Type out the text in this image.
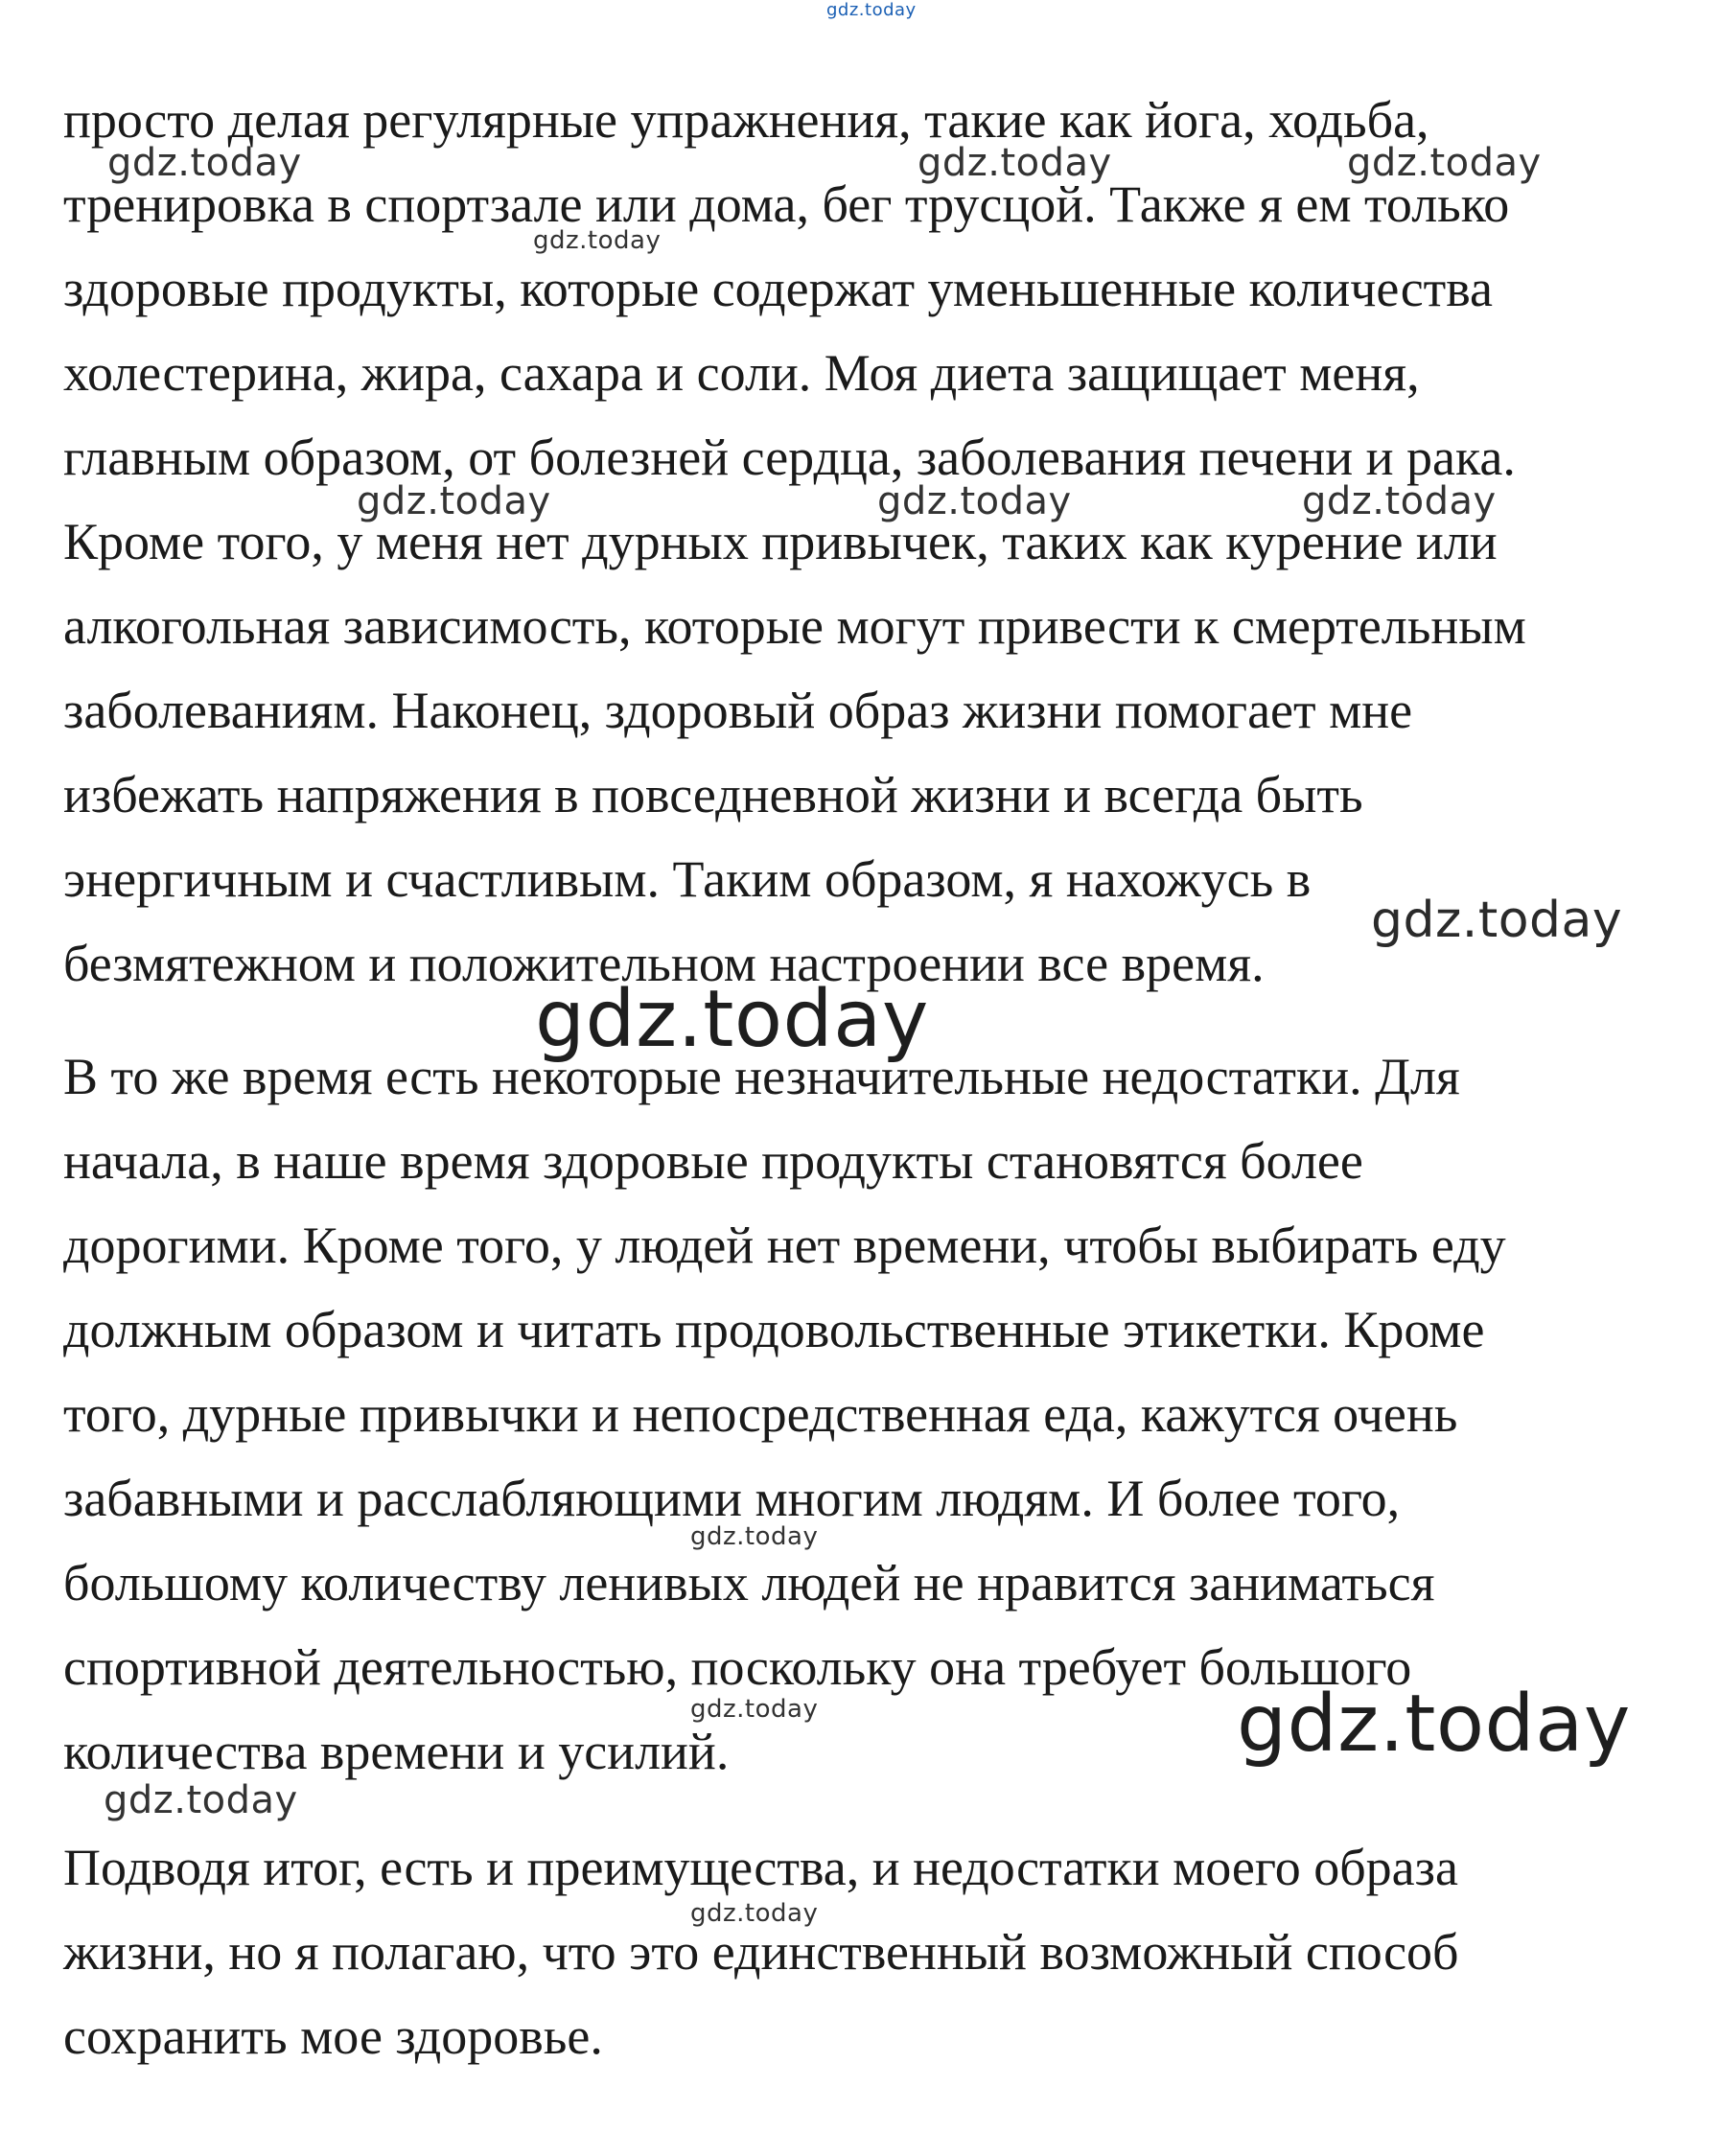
gdz.today

просто делая регулярные упражнения, такие как йога, ходьба,
тренировка в спортзале или дома, бег трусцой. Также я ем только
здоровые продукты, которые содержат уменьшенные количества
холестерина, жира, сахара и соли. Моя диета защищает меня,
главным образом, от болезней сердца, заболевания печени и рака.
Кроме того, у меня нет дурных привычек, таких как курение или
алкогольная зависимость, которые могут привести к смертельным
заболеваниям. Наконец, здоровый образ жизни помогает мне
избежать напряжения в повседневной жизни и всегда быть
энергичным и счастливым. Таким образом, я нахожусь в
безмятежном и положительном настроении все время.

В то же время есть некоторые незначительные недостатки. Для
начала, в наше время здоровые продукты становятся более
дорогими. Кроме того, у людей нет времени, чтобы выбирать еду
должным образом и читать продовольственные этикетки. Кроме
того, дурные привычки и непосредственная еда, кажутся очень
забавными и расслабляющими многим людям. И более того,
большому количеству ленивых людей не нравится заниматься
спортивной деятельностью, поскольку она требует большого
количества времени и усилий.

Подводя итог, есть и преимущества, и недостатки моего образа
жизни, но я полагаю, что это единственный возможный способ
сохранить мое здоровье.

gdz.today	gdz.today	gdz.today
gdz.today
gdz.today	gdz.today	gdz.today
gdz.today
gdz.today
gdz.today
gdz.today	gdz.today
gdz.today
gdz.today
